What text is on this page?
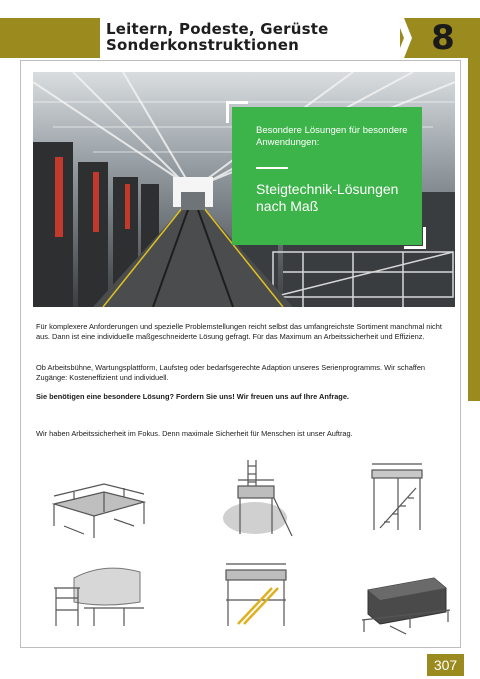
Leitern, Podeste, Gerüste
Sonderkonstruktionen	8
Besondere Lösungen für besondere Anwendungen:
Steigtechnik-Lösungen nach Maß
Für komplexere Anforderungen und spezielle Problemstellungen reicht selbst das umfangreichste Sortiment manchmal nicht aus. Dann ist eine individuelle maßgeschneiderte Lösung gefragt. Für das Maximum an Arbeitssicherheit und Effizienz.
Ob Arbeitsbühne, Wartungsplattform, Laufsteg oder bedarfsgerechte Adaption unseres Serienprogramms. Wir schaffen Zugänge: Kosteneffizient und individuell.
Sie benötigen eine besondere Lösung? Fordern Sie uns! Wir freuen uns auf Ihre Anfrage.
Wir haben Arbeitssicherheit im Fokus. Denn maximale Sicherheit für Menschen ist unser Auftrag.
307
